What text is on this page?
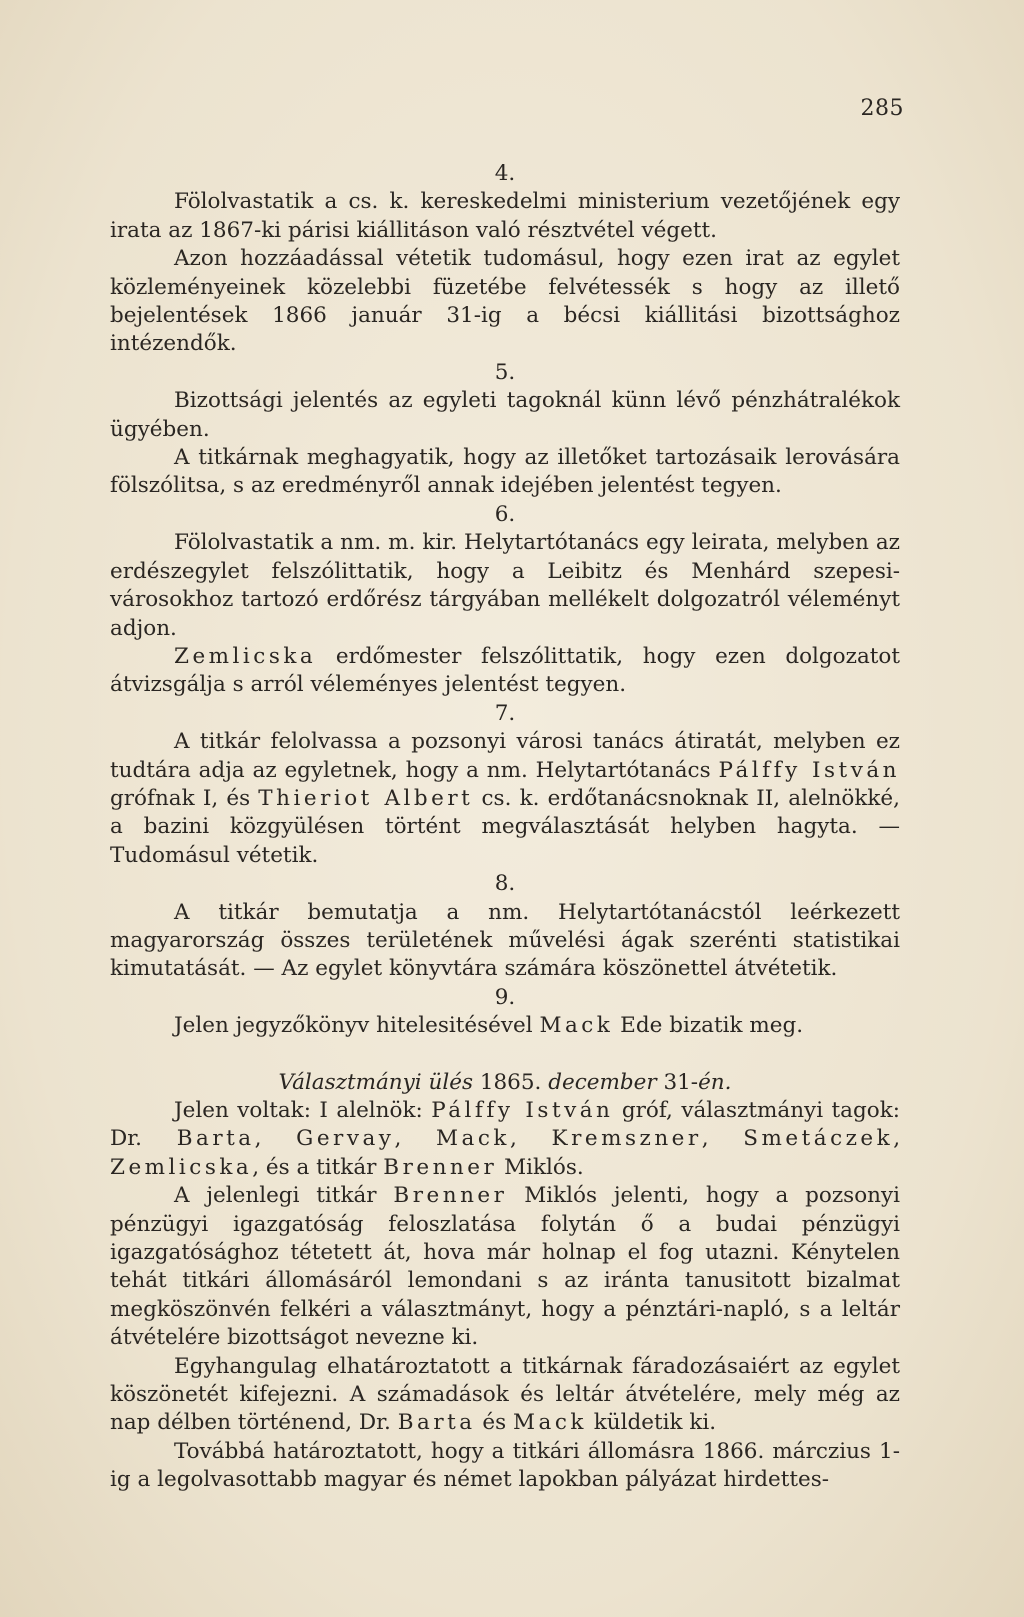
285

4.

Fölolvastatik a cs. k. kereskedelmi ministerium vezetőjének egy irata az 1867-ki párisi kiállitáson való résztvétel végett.

Azon hozzáadással vétetik tudomásul, hogy ezen irat az egylet közleményeinek közelebbi füzetébe felvétessék s hogy az illető bejelentések 1866 január 31-ig a bécsi kiállitási bizottsághoz intézendők.

5.

Bizottsági jelentés az egyleti tagoknál künn lévő pénzhátralékok ügyében.

A titkárnak meghagyatik, hogy az illetőket tartozásaik lerovására fölszólitsa, s az eredményről annak idejében jelentést tegyen.

6.

Fölolvastatik a nm. m. kir. Helytartótanács egy leirata, melyben az erdészegylet felszólittatik, hogy a Leibitz és Menhárd szepesi-városokhoz tartozó erdőrész tárgyában mellékelt dolgozatról véleményt adjon.

Zemlicska erdőmester felszólittatik, hogy ezen dolgozatot átvizsgálja s arról véleményes jelentést tegyen.

7.

A titkár felolvassa a pozsonyi városi tanács átiratát, melyben ez tudtára adja az egyletnek, hogy a nm. Helytartótanács Pálffy István grófnak I, és Thieriot Albert cs. k. erdőtanácsnoknak II, alelnökké, a bazini közgyülésen történt megválasztását helyben hagyta. — Tudomásul vétetik.

8.

A titkár bemutatja a nm. Helytartótanácstól leérkezett magyarország összes területének művelési ágak szerénti statistikai kimutatását. — Az egylet könyvtára számára köszönettel átvétetik.

9.

Jelen jegyzőkönyv hitelesitésével Mack Ede bizatik meg.

Választmányi ülés 1865. december 31-én.

Jelen voltak: I alelnök: Pálffy István gróf, választmányi tagok: Dr. Barta, Gervay, Mack, Kremszner, Smetáczek, Zemlicska, és a titkár Brenner Miklós.

A jelenlegi titkár Brenner Miklós jelenti, hogy a pozsonyi pénzügyi igazgatóság feloszlatása folytán ő a budai pénzügyi igazgatósághoz tétetett át, hova már holnap el fog utazni. Kénytelen tehát titkári állomásáról lemondani s az iránta tanusitott bizalmat megköszönvén felkéri a választmányt, hogy a pénztári-napló, s a leltár átvételére bizottságot nevezne ki.

Egyhangulag elhatároztatott a titkárnak fáradozásaiért az egylet köszönetét kifejezni. A számadások és leltár átvételére, mely még az nap délben történend, Dr. Barta és Mack küldetik ki.

Továbbá határoztatott, hogy a titkári állomásra 1866. márczius 1-ig a legolvasottabb magyar és német lapokban pályázat hirdettes-
